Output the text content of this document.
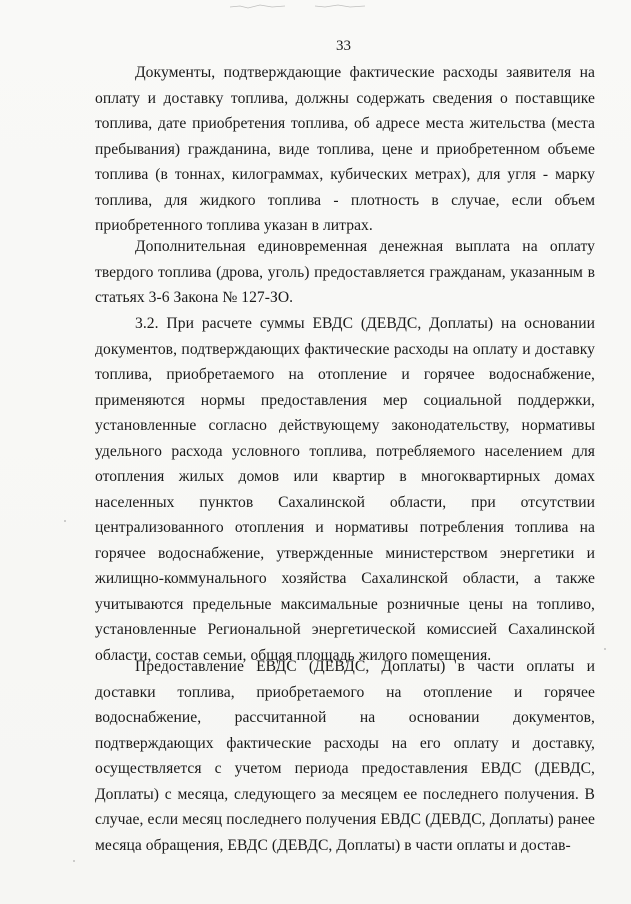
33

Документы, подтверждающие фактические расходы заявителя на оплату и доставку топлива, должны содержать сведения о поставщике топлива, дате приобретения топлива, об адресе места жительства (места пребывания) гражданина, виде топлива, цене и приобретенном объеме топлива (в тоннах, килограммах, кубических метрах), для угля - марку топлива, для жидкого топлива - плотность в случае, если объем приобретенного топлива указан в литрах.

Дополнительная единовременная денежная выплата на оплату твердого топлива (дрова, уголь) предоставляется гражданам, указанным в статьях 3-6 Закона № 127-ЗО.

3.2. При расчете суммы ЕВДС (ДЕВДС, Доплаты) на основании документов, подтверждающих фактические расходы на оплату и доставку топлива, приобретаемого на отопление и горячее водоснабжение, применяются нормы предоставления мер социальной поддержки, установленные согласно действующему законодательству, нормативы удельного расхода условного топлива, потребляемого населением для отопления жилых домов или квартир в многоквартирных домах населенных пунктов Сахалинской области, при отсутствии централизованного отопления и нормативы потребления топлива на горячее водоснабжение, утвержденные министерством энергетики и жилищно-коммунального хозяйства Сахалинской области, а также учитываются предельные максимальные розничные цены на топливо, установленные Региональной энергетической комиссией Сахалинской области, состав семьи, общая площадь жилого помещения.

Предоставление ЕВДС (ДЕВДС, Доплаты) в части оплаты и доставки топлива, приобретаемого на отопление и горячее водоснабжение, рассчитанной на основании документов, подтверждающих фактические расходы на его оплату и доставку, осуществляется с учетом периода предоставления ЕВДС (ДЕВДС, Доплаты) с месяца, следующего за месяцем ее последнего получения. В случае, если месяц последнего получения ЕВДС (ДЕВДС, Доплаты) ранее месяца обращения, ЕВДС (ДЕВДС, Доплаты) в части оплаты и достав-
